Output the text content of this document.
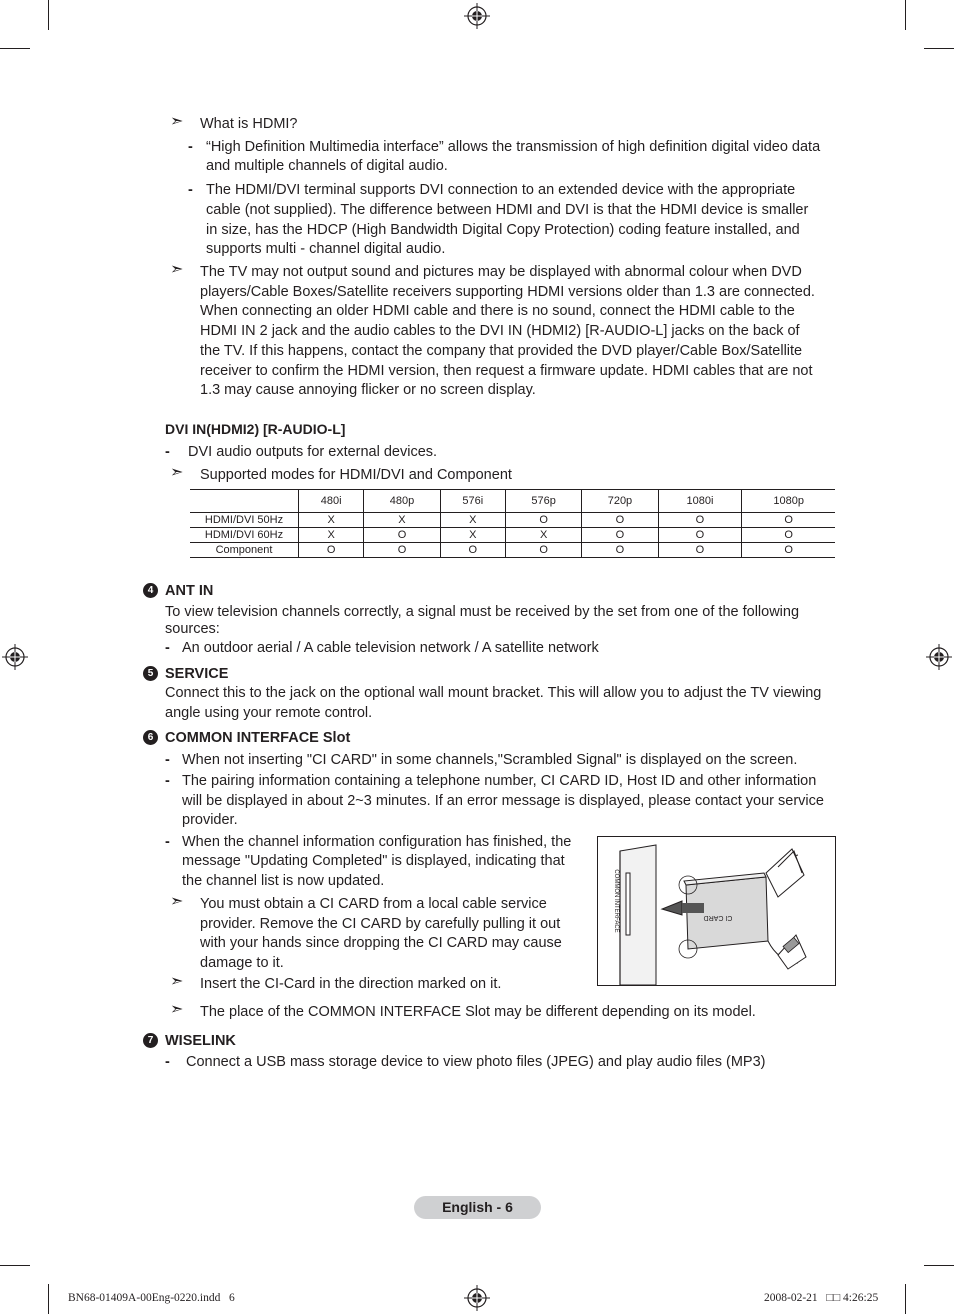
➣ What is HDMI?
- “High Definition Multimedia interface” allows the transmission of high definition digital video data
and multiple channels of digital audio.
- The HDMI/DVI terminal supports DVI connection to an extended device with the appropriate
cable (not supplied). The difference between HDMI and DVI is that the HDMI device is smaller
in size, has the HDCP (High Bandwidth Digital Copy Protection) coding feature installed, and
supports multi - channel digital audio.
➣ The TV may not output sound and pictures may be displayed with abnormal colour when DVD
players/Cable Boxes/Satellite receivers supporting HDMI versions older than 1.3 are connected.
When connecting an older HDMI cable and there is no sound, connect the HDMI cable to the
HDMI IN 2 jack and the audio cables to the DVI IN (HDMI2) [R-AUDIO-L] jacks on the back of
the TV. If this happens, contact the company that provided the DVD player/Cable Box/Satellite
receiver to confirm the HDMI version, then request a firmware update. HDMI cables that are not
1.3 may cause annoying flicker or no screen display.
DVI IN(HDMI2) [R-AUDIO-L]
- DVI audio outputs for external devices.
➣ Supported modes for HDMI/DVI and Component
	480i	480p	576i	576p	720p	1080i	1080p
HDMI/DVI 50Hz	X	X	X	O	O	O	O
HDMI/DVI 60Hz	X	O	X	X	O	O	O
Component	O	O	O	O	O	O	O
4 ANT IN
To view television channels correctly, a signal must be received by the set from one of the following
sources:
- An outdoor aerial / A cable television network / A satellite network
5 SERVICE
Connect this to the jack on the optional wall mount bracket. This will allow you to adjust the TV viewing
angle using your remote control.
6 COMMON INTERFACE Slot
- When not inserting "CI CARD" in some channels,"Scrambled Signal" is displayed on the screen.
- The pairing information containing a telephone number, CI CARD ID, Host ID and other information
will be displayed in about 2~3 minutes. If an error message is displayed, please contact your service
provider.
- When the channel information configuration has finished, the
message "Updating Completed" is displayed, indicating that
the channel list is now updated.
➣ You must obtain a CI CARD from a local cable service
provider. Remove the CI CARD by carefully pulling it out
with your hands since dropping the CI CARD may cause
damage to it.
➣ Insert the CI-Card in the direction marked on it.
➣ The place of the COMMON INTERFACE Slot may be different depending on its model.
COMMON INTERFACE	CI CARD
7 WISELINK
- Connect a USB mass storage device to view photo files (JPEG) and play audio files (MP3)
English - 6
BN68-01409A-00Eng-0220.indd   6	2008-02-21   □□ 4:26:25
